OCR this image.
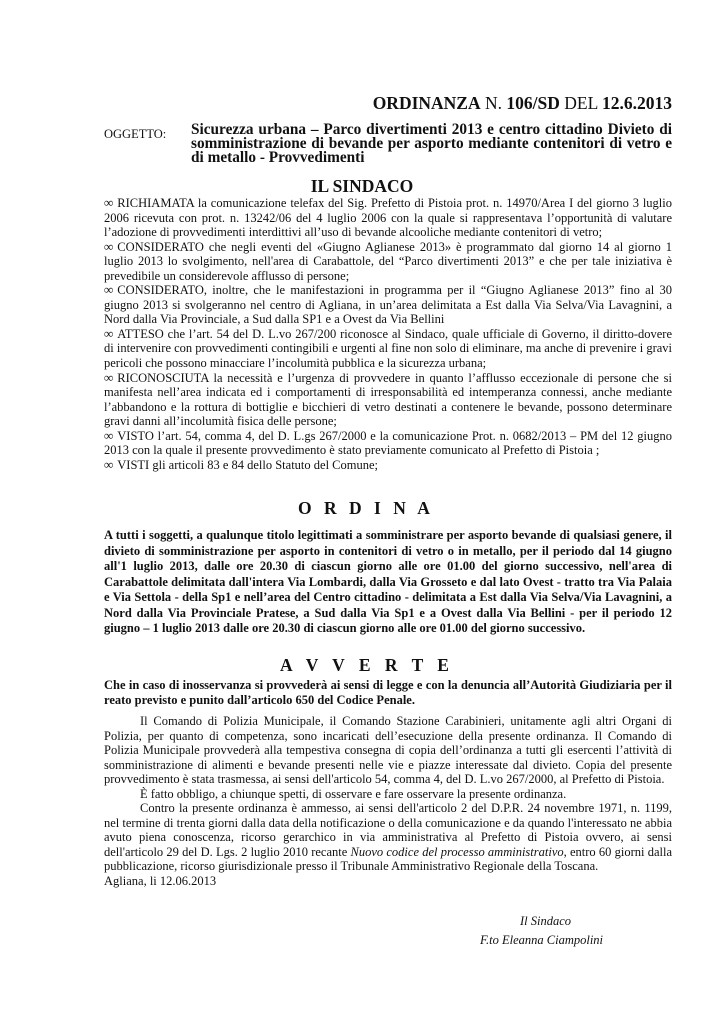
ORDINANZA N. 106/SD DEL 12.6.2013
OGGETTO: Sicurezza urbana – Parco divertimenti 2013 e centro cittadino Divieto di somministrazione di bevande per asporto mediante contenitori di vetro e di metallo - Provvedimenti
IL SINDACO

∞ RICHIAMATA la comunicazione telefax del Sig. Prefetto di Pistoia prot. n. 14970/Area I del giorno 3 luglio 2006 ricevuta con prot. n. 13242/06 del 4 luglio 2006 con la quale si rappresentava l’opportunità di valutare l’adozione di provvedimenti interdittivi all’uso di bevande alcooliche mediante contenitori di vetro;

∞ CONSIDERATO che negli eventi del «Giugno Aglianese 2013» è programmato dal giorno 14 al giorno 1 luglio 2013 lo svolgimento, nell'area di Carabattole, del “Parco divertimenti 2013” e che per tale iniziativa è prevedibile un considerevole afflusso di persone;

∞ CONSIDERATO, inoltre, che le manifestazioni in programma per il “Giugno Aglianese 2013” fino al 30 giugno 2013 si svolgeranno nel centro di Agliana, in un’area delimitata a Est dalla Via Selva/Via Lavagnini, a Nord dalla Via Provinciale, a Sud dalla SP1 e a Ovest da Via Bellini

∞ ATTESO che l’art. 54 del D. L.vo 267/200 riconosce al Sindaco, quale ufficiale di Governo, il diritto-dovere di intervenire con provvedimenti contingibili e urgenti al fine non solo di eliminare, ma anche di prevenire i gravi pericoli che possono minacciare l’incolumità pubblica e la sicurezza urbana;

∞ RICONOSCIUTA la necessità e l’urgenza di provvedere in quanto l’afflusso eccezionale di persone che si manifesta nell’area indicata ed i comportamenti di irresponsabilità ed intemperanza connessi, anche mediante l’abbandono e la rottura di bottiglie e bicchieri di vetro destinati a contenere le bevande, possono determinare gravi danni all’incolumità fisica delle persone;

∞ VISTO l’art. 54, comma 4, del D. L.gs 267/2000 e la comunicazione Prot. n. 0682/2013 – PM del 12 giugno 2013 con la quale il presente provvedimento è stato previamente comunicato al Prefetto di Pistoia ;

∞ VISTI gli articoli 83 e 84 dello Statuto del Comune;

O R D I N A
A tutti i soggetti, a qualunque titolo legittimati a somministrare per asporto bevande di qualsiasi genere, il divieto di somministrazione per asporto in contenitori di vetro o in metallo, per il periodo dal 14 giugno all'1 luglio 2013, dalle ore 20.30 di ciascun giorno alle ore 01.00 del giorno successivo, nell'area di Carabattole delimitata dall'intera Via Lombardi, dalla Via Grosseto e dal lato Ovest - tratto tra Via Palaia e Via Settola - della Sp1 e nell’area del Centro cittadino - delimitata a Est dalla Via Selva/Via Lavagnini, a Nord dalla Via Provinciale Pratese, a Sud dalla Via Sp1 e a Ovest dalla Via Bellini - per il periodo 12 giugno – 1 luglio 2013 dalle ore 20.30 di ciascun giorno alle ore 01.00 del giorno successivo.
A V V E R T E
Che in caso di inosservanza si provvederà ai sensi di legge e con la denuncia all’Autorità Giudiziaria per il reato previsto e punito dall’articolo 650 del Codice Penale.

Il Comando di Polizia Municipale, il Comando Stazione Carabinieri, unitamente agli altri Organi di Polizia, per quanto di competenza, sono incaricati dell’esecuzione della presente ordinanza. Il Comando di Polizia Municipale provvederà alla tempestiva consegna di copia dell’ordinanza a tutti gli esercenti l’attività di somministrazione di alimenti e bevande presenti nelle vie e piazze interessate dal divieto. Copia del presente provvedimento è stata trasmessa, ai sensi dell'articolo 54, comma 4, del D. L.vo 267/2000, al Prefetto di Pistoia.

È fatto obbligo, a chiunque spetti, di osservare e fare osservare la presente ordinanza.

Contro la presente ordinanza è ammesso, ai sensi dell'articolo 2 del D.P.R. 24 novembre 1971, n. 1199, nel termine di trenta giorni dalla data della notificazione o della comunicazione e da quando l'interessato ne abbia avuto piena conoscenza, ricorso gerarchico in via amministrativa al Prefetto di Pistoia ovvero, ai sensi dell'articolo 29 del D. Lgs. 2 luglio 2010 recante Nuovo codice del processo amministrativo, entro 60 giorni dalla pubblicazione, ricorso giurisdizionale presso il Tribunale Amministrativo Regionale della Toscana.

Agliana, li 12.06.2013

Il Sindaco
F.to Eleanna Ciampolini
